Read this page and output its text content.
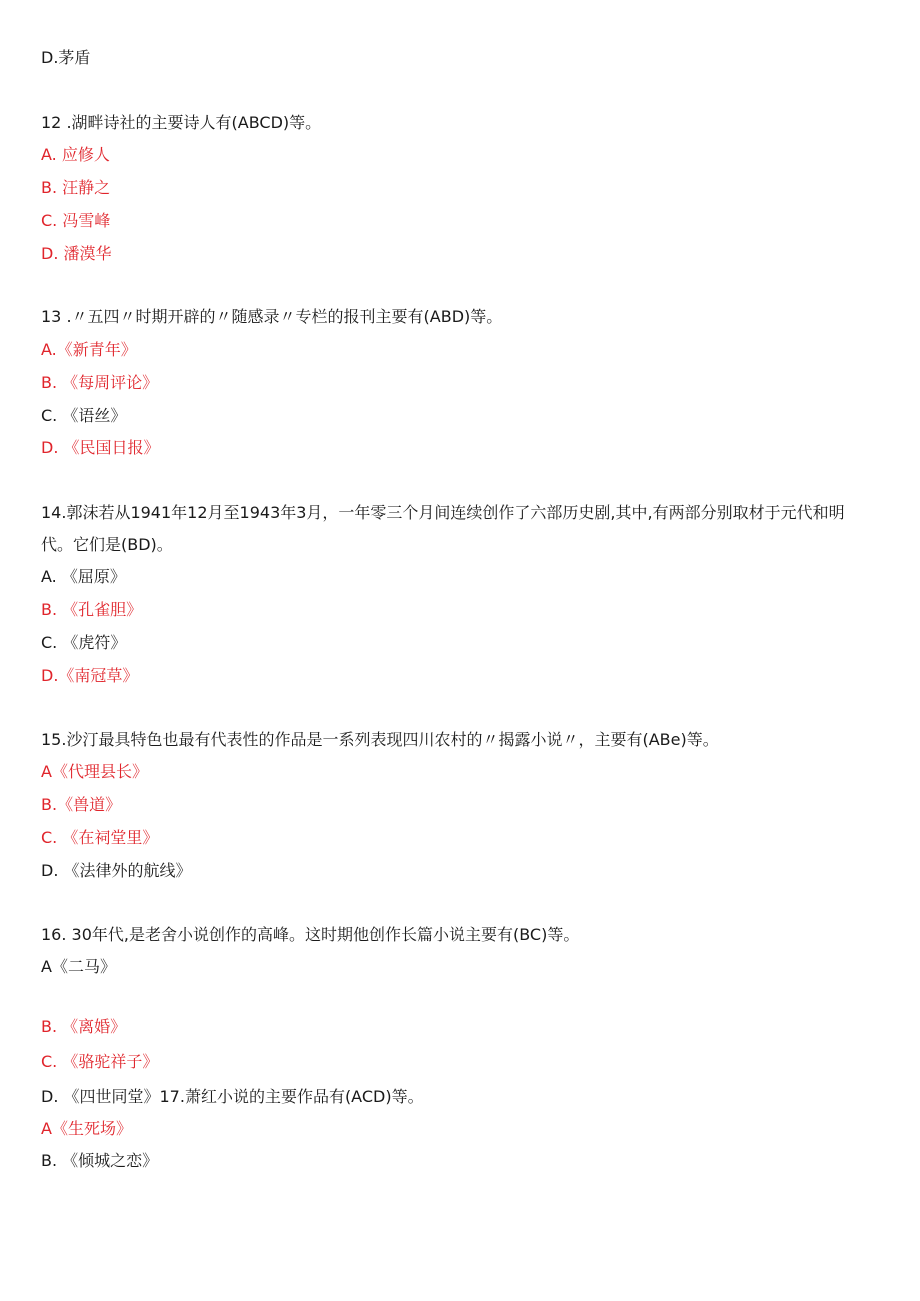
D.茅盾
12 .湖畔诗社的主要诗人有(ABCD)等。
A. 应修人
B. 汪静之
C. 冯雪峰
D. 潘漠华
13 .〃五四〃时期开辟的〃随感录〃专栏的报刊主要有(ABD)等。
A.《新青年》
B. 《每周评论》
C. 《语丝》
D. 《民国日报》
14.郭沫若从1941年12月至1943年3月，一年零三个月间连续创作了六部历史剧,其中,有两部分别取材于元代和明代。它们是(BD)。
A. 《屈原》
B. 《孔雀胆》
C. 《虎符》
D.《南冠草》
15.沙汀最具特色也最有代表性的作品是一系列表现四川农村的〃揭露小说〃，主要有(ABe)等。
A《代理县长》
B.《兽道》
C. 《在祠堂里》
D. 《法律外的航线》
16. 30年代,是老舍小说创作的高峰。这时期他创作长篇小说主要有(BC)等。
A《二马》
B. 《离婚》
C. 《骆驼祥子》
D. 《四世同堂》17.萧红小说的主要作品有(ACD)等。
A《生死场》
B. 《倾城之恋》
